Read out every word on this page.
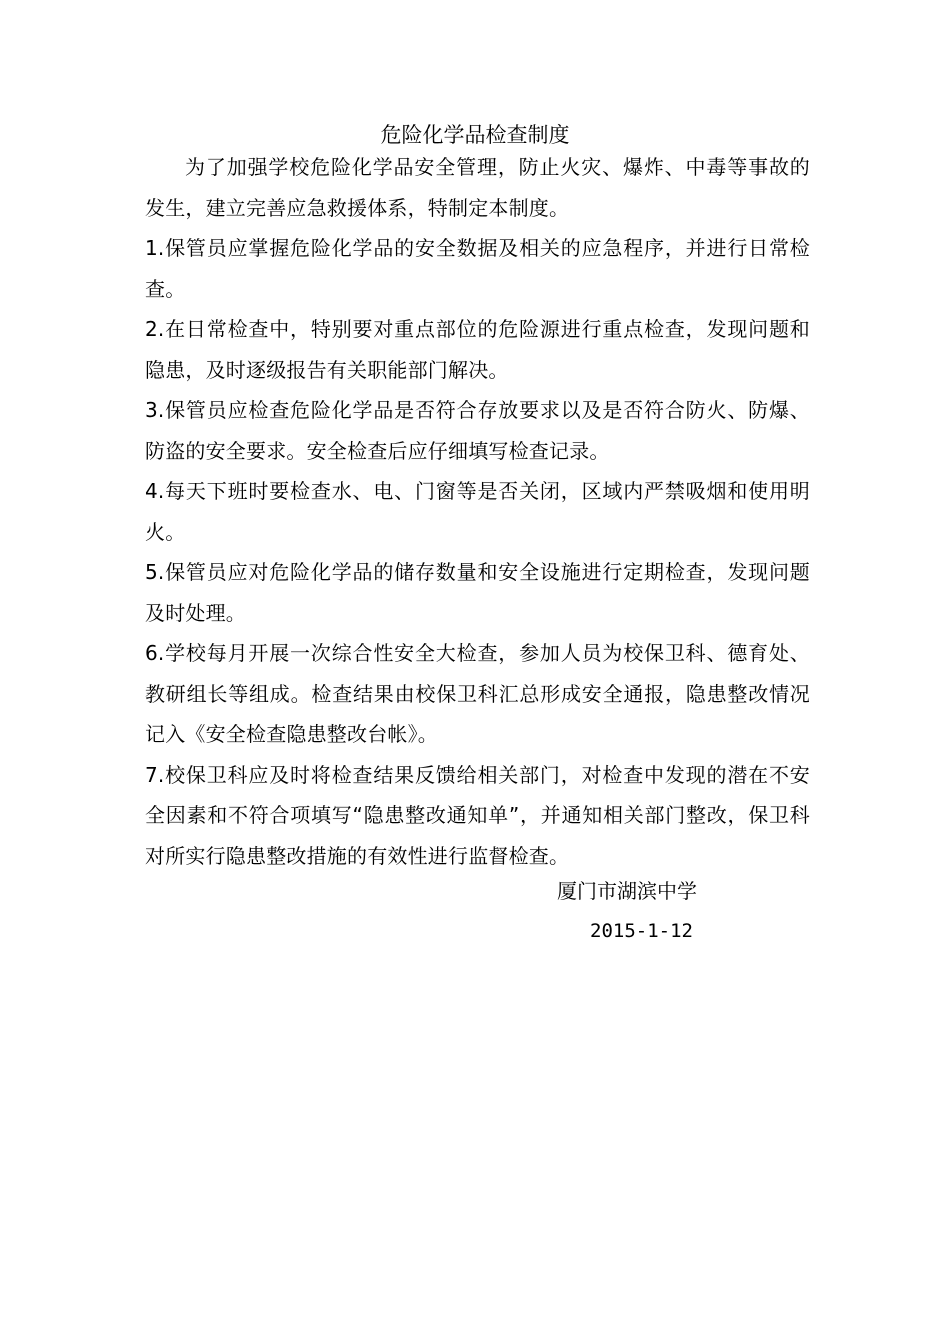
危险化学品检查制度

为了加强学校危险化学品安全管理，防止火灾、爆炸、中毒等事故的发生，建立完善应急救援体系，特制定本制度。

1.保管员应掌握危险化学品的安全数据及相关的应急程序，并进行日常检查。

2.在日常检查中，特别要对重点部位的危险源进行重点检查，发现问题和隐患，及时逐级报告有关职能部门解决。

3.保管员应检查危险化学品是否符合存放要求以及是否符合防火、防爆、防盗的安全要求。安全检查后应仔细填写检查记录。

4.每天下班时要检查水、电、门窗等是否关闭，区域内严禁吸烟和使用明火。

5.保管员应对危险化学品的储存数量和安全设施进行定期检查，发现问题及时处理。

6.学校每月开展一次综合性安全大检查，参加人员为校保卫科、德育处、教研组长等组成。检查结果由校保卫科汇总形成安全通报，隐患整改情况记入《安全检查隐患整改台帐》。

7.校保卫科应及时将检查结果反馈给相关部门，对检查中发现的潜在不安全因素和不符合项填写“隐患整改通知单”，并通知相关部门整改，保卫科对所实行隐患整改措施的有效性进行监督检查。

厦门市湖滨中学
2015-1-12
